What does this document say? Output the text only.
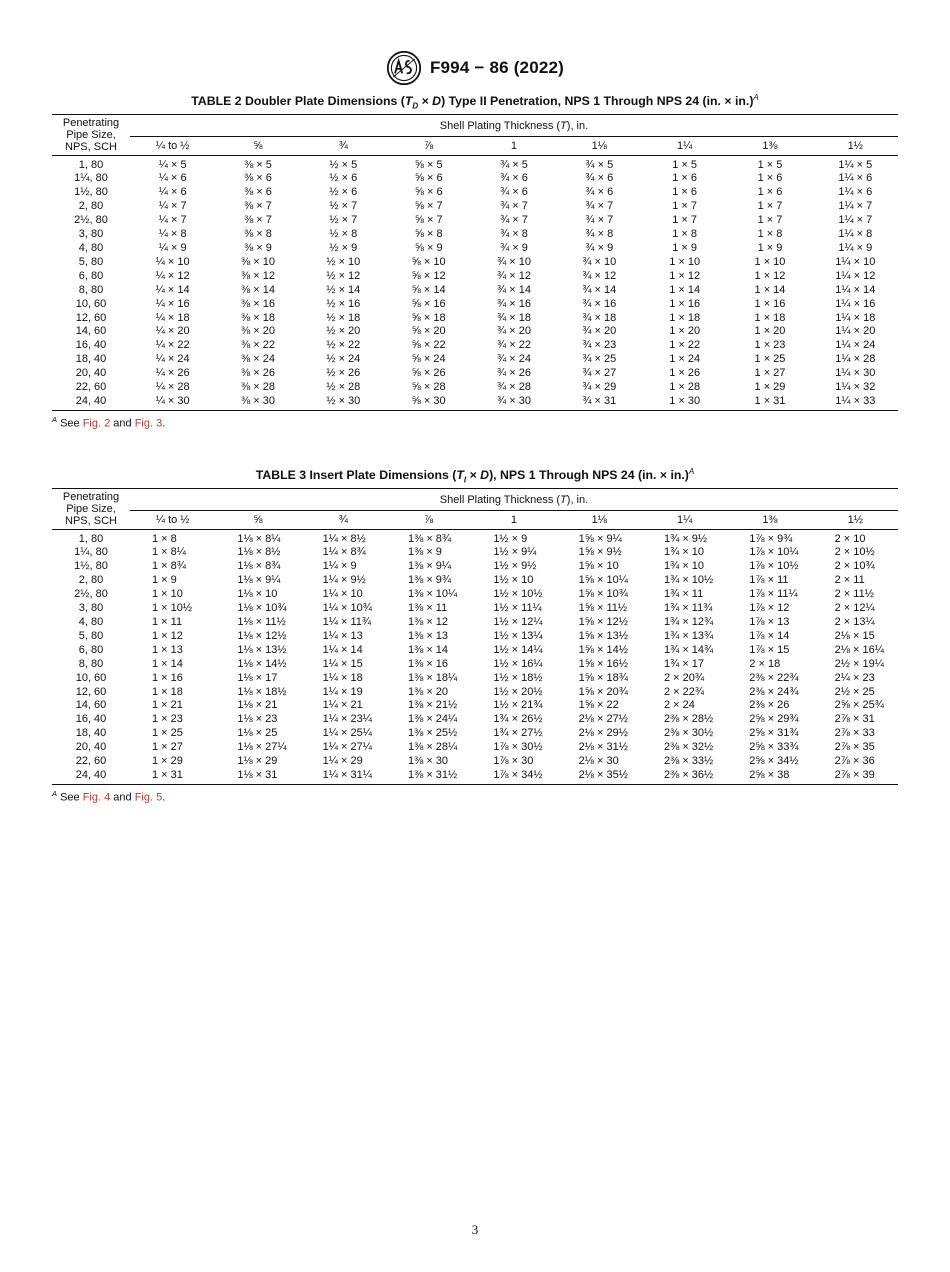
F994 − 86 (2022)
TABLE 2 Doubler Plate Dimensions $(T_D \times D)$ Type II Penetration, NPS 1 Through NPS 24 (in. × in.)$^A$
Penetrating Pipe Size, NPS, SCH	Shell Plating Thickness (T), in.								
	¼ to ½	⅝	¾	⅞	1	1⅛	1¼	1⅜	1½
1, 80	¼ × 5	⅜ × 5	½ × 5	⅝ × 5	¾ × 5	¾ × 5	1 × 5	1 × 5	1¼ × 5
1¼, 80	¼ × 6	⅜ × 6	½ × 6	⅝ × 6	¾ × 6	¾ × 6	1 × 6	1 × 6	1¼ × 6
1½, 80	¼ × 6	⅜ × 6	½ × 6	⅝ × 6	¾ × 6	¾ × 6	1 × 6	1 × 6	1¼ × 6
2, 80	¼ × 7	⅜ × 7	½ × 7	⅝ × 7	¾ × 7	¾ × 7	1 × 7	1 × 7	1¼ × 7
2½, 80	¼ × 7	⅜ × 7	½ × 7	⅝ × 7	¾ × 7	¾ × 7	1 × 7	1 × 7	1¼ × 7
3, 80	¼ × 8	⅜ × 8	½ × 8	⅝ × 8	¾ × 8	¾ × 8	1 × 8	1 × 8	1¼ × 8
4, 80	¼ × 9	⅜ × 9	½ × 9	⅝ × 9	¾ × 9	¾ × 9	1 × 9	1 × 9	1¼ × 9
5, 80	¼ × 10	⅜ × 10	½ × 10	⅝ × 10	¾ × 10	¾ × 10	1 × 10	1 × 10	1¼ × 10
6, 80	¼ × 12	⅜ × 12	½ × 12	⅝ × 12	¾ × 12	¾ × 12	1 × 12	1 × 12	1¼ × 12
8, 80	¼ × 14	⅜ × 14	½ × 14	⅝ × 14	¾ × 14	¾ × 14	1 × 14	1 × 14	1¼ × 14
10, 60	¼ × 16	⅜ × 16	½ × 16	⅝ × 16	¾ × 16	¾ × 16	1 × 16	1 × 16	1¼ × 16
12, 60	¼ × 18	⅜ × 18	½ × 18	⅝ × 18	¾ × 18	¾ × 18	1 × 18	1 × 18	1¼ × 18
14, 60	¼ × 20	⅜ × 20	½ × 20	⅝ × 20	¾ × 20	¾ × 20	1 × 20	1 × 20	1¼ × 20
16, 40	¼ × 22	⅜ × 22	½ × 22	⅝ × 22	¾ × 22	¾ × 23	1 × 22	1 × 23	1¼ × 24
18, 40	¼ × 24	⅜ × 24	½ × 24	⅝ × 24	¾ × 24	¾ × 25	1 × 24	1 × 25	1¼ × 28
20, 40	¼ × 26	⅜ × 26	½ × 26	⅝ × 26	¾ × 26	¾ × 27	1 × 26	1 × 27	1¼ × 30
22, 60	¼ × 28	⅜ × 28	½ × 28	⅝ × 28	¾ × 28	¾ × 29	1 × 28	1 × 29	1¼ × 32
24, 40	¼ × 30	⅜ × 30	½ × 30	⅝ × 30	¾ × 30	¾ × 31	1 × 30	1 × 31	1¼ × 33
$^A$ See Fig. 2 and Fig. 3.
TABLE 3 Insert Plate Dimensions $(T_I \times D)$, NPS 1 Through NPS 24 (in. × in.)$^A$
Penetrating Pipe Size, NPS, SCH	Shell Plating Thickness (T), in.								
	¼ to ½	⅝	¾	⅞	1	1⅛	1¼	1⅜	1½
1, 80	1 × 8	1⅛ × 8¼	1¼ × 8½	1⅜ × 8¾	1½ × 9	1⅝ × 9¼	1¾ × 9½	1⅞ × 9¾	2 × 10
1¼, 80	1 × 8¼	1⅛ × 8½	1¼ × 8¾	1⅜ × 9	1½ × 9¼	1⅝ × 9½	1¾ × 10	1⅞ × 10¼	2 × 10½
1½, 80	1 × 8¾	1⅛ × 8¾	1¼ × 9	1⅜ × 9¼	1½ × 9½	1⅝ × 10	1¾ × 10	1⅞ × 10½	2 × 10¾
2, 80	1 × 9	1⅛ × 9¼	1¼ × 9½	1⅜ × 9¾	1½ × 10	1⅝ × 10¼	1¾ × 10½	1⅞ × 11	2 × 11
2½, 80	1 × 10	1⅛ × 10	1¼ × 10	1⅜ × 10¼	1½ × 10½	1⅝ × 10¾	1¾ × 11	1⅞ × 11¼	2 × 11½
3, 80	1 × 10½	1⅛ × 10¾	1¼ × 10¾	1⅜ × 11	1½ × 11¼	1⅝ × 11½	1¾ × 11¾	1⅞ × 12	2 × 12¼
4, 80	1 × 11	1⅛ × 11½	1¼ × 11¾	1⅜ × 12	1½ × 12¼	1⅝ × 12½	1¾ × 12¾	1⅞ × 13	2 × 13¼
5, 80	1 × 12	1⅛ × 12½	1¼ × 13	1⅜ × 13	1½ × 13¼	1⅝ × 13½	1¾ × 13¾	1⅞ × 14	2⅛ × 15
6, 80	1 × 13	1⅛ × 13½	1¼ × 14	1⅜ × 14	1½ × 14¼	1⅝ × 14½	1¾ × 14¾	1⅞ × 15	2⅛ × 16¼
8, 80	1 × 14	1⅛ × 14½	1¼ × 15	1⅜ × 16	1½ × 16¼	1⅝ × 16½	1¾ × 17	2 × 18	2½ × 19¼
10, 60	1 × 16	1⅛ × 17	1¼ × 18	1⅜ × 18¼	1½ × 18½	1⅝ × 18¾	2 × 20¾	2⅜ × 22¾	2¼ × 23
12, 60	1 × 18	1⅛ × 18½	1¼ × 19	1⅜ × 20	1½ × 20½	1⅝ × 20¾	2 × 22¾	2⅜ × 24¾	2½ × 25
14, 60	1 × 21	1⅛ × 21	1¼ × 21	1⅜ × 21½	1½ × 21¾	1⅝ × 22	2 × 24	2⅜ × 26	2⅝ × 25¾
16, 40	1 × 23	1⅛ × 23	1¼ × 23¼	1⅜ × 24¼	1¾ × 26½	2⅛ × 27½	2⅜ × 28½	2⅝ × 29¾	2⅞ × 31
18, 40	1 × 25	1⅛ × 25	1¼ × 25¼	1⅜ × 25½	1¾ × 27½	2⅛ × 29½	2⅜ × 30½	2⅝ × 31¾	2⅞ × 33
20, 40	1 × 27	1⅛ × 27¼	1¼ × 27¼	1⅜ × 28¼	1⅞ × 30½	2⅛ × 31½	2⅜ × 32½	2⅝ × 33¾	2⅞ × 35
22, 60	1 × 29	1⅛ × 29	1¼ × 29	1⅜ × 30	1⅞ × 30	2⅛ × 30	2⅜ × 33½	2⅝ × 34½	2⅞ × 36
24, 40	1 × 31	1⅛ × 31	1¼ × 31¼	1⅜ × 31½	1⅞ × 34½	2⅛ × 35½	2⅜ × 36½	2⅝ × 38	2⅞ × 39
$^A$ See Fig. 4 and Fig. 5.
3
